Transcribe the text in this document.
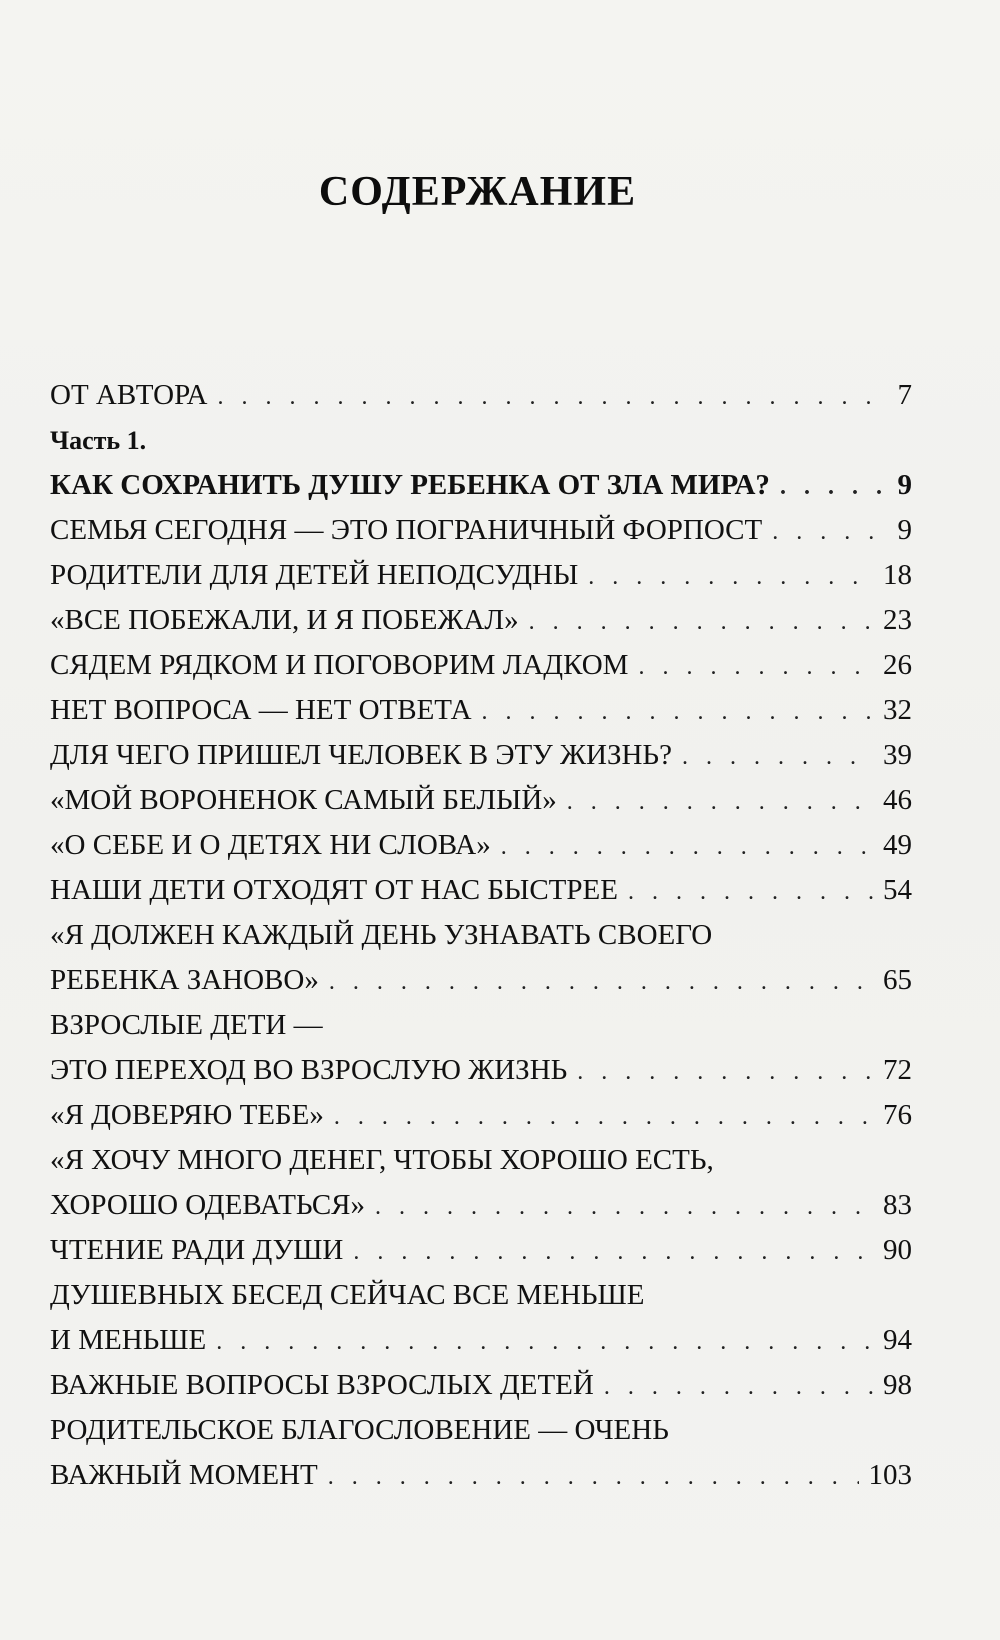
СОДЕРЖАНИЕ
ОТ АВТОРА . . .	7
Часть 1.
КАК СОХРАНИТЬ ДУШУ РЕБЕНКА ОТ ЗЛА МИРА? . . .	9
СЕМЬЯ СЕГОДНЯ — ЭТО ПОГРАНИЧНЫЙ ФОРПОСТ . . .	9
РОДИТЕЛИ ДЛЯ ДЕТЕЙ НЕПОДСУДНЫ . . .	18
«ВСЕ ПОБЕЖАЛИ, И Я ПОБЕЖАЛ» . . .	23
СЯДЕМ РЯДКОМ И ПОГОВОРИМ ЛАДКОМ . . .	26
НЕТ ВОПРОСА — НЕТ ОТВЕТА . . .	32
ДЛЯ ЧЕГО ПРИШЕЛ ЧЕЛОВЕК В ЭТУ ЖИЗНЬ? . . .	39
«МОЙ ВОРОНЕНОК САМЫЙ БЕЛЫЙ» . . .	46
«О СЕБЕ И О ДЕТЯХ НИ СЛОВА» . . .	49
НАШИ ДЕТИ ОТХОДЯТ ОТ НАС БЫСТРЕЕ . . .	54
«Я ДОЛЖЕН КАЖДЫЙ ДЕНЬ УЗНАВАТЬ СВОЕГО
РЕБЕНКА ЗАНОВО» . . .	65
ВЗРОСЛЫЕ ДЕТИ —
ЭТО ПЕРЕХОД ВО ВЗРОСЛУЮ ЖИЗНЬ . . .	72
«Я ДОВЕРЯЮ ТЕБЕ» . . .	76
«Я ХОЧУ МНОГО ДЕНЕГ, ЧТОБЫ ХОРОШО ЕСТЬ,
ХОРОШО ОДЕВАТЬСЯ» . . .	83
ЧТЕНИЕ РАДИ ДУШИ . . .	90
ДУШЕВНЫХ БЕСЕД СЕЙЧАС ВСЕ МЕНЬШЕ
И МЕНЬШЕ . . .	94
ВАЖНЫЕ ВОПРОСЫ ВЗРОСЛЫХ ДЕТЕЙ . . .	98
РОДИТЕЛЬСКОЕ БЛАГОСЛОВЕНИЕ — ОЧЕНЬ
ВАЖНЫЙ МОМЕНТ . . .	103
